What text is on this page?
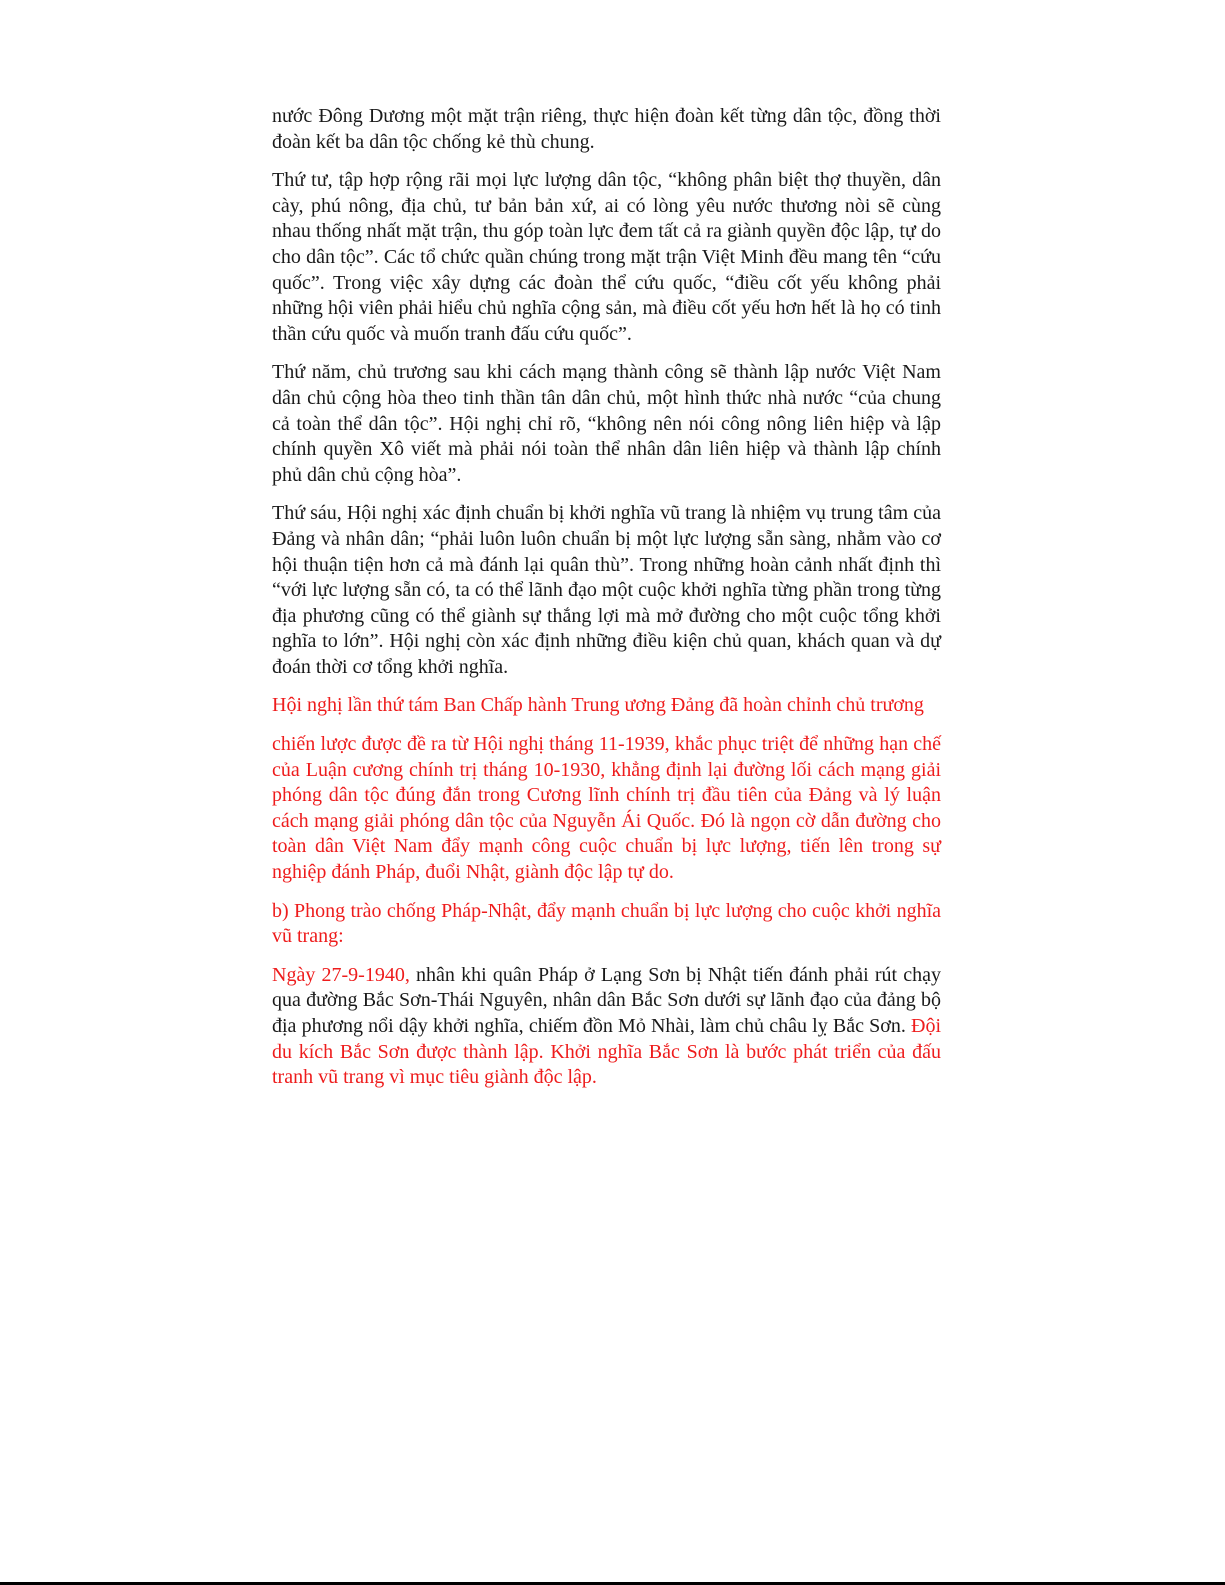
nước Đông Dương một mặt trận riêng, thực hiện đoàn kết từng dân tộc, đồng thời đoàn kết ba dân tộc chống kẻ thù chung.

Thứ tư, tập hợp rộng rãi mọi lực lượng dân tộc, “không phân biệt thợ thuyền, dân cày, phú nông, địa chủ, tư bản bản xứ, ai có lòng yêu nước thương nòi sẽ cùng nhau thống nhất mặt trận, thu góp toàn lực đem tất cả ra giành quyền độc lập, tự do cho dân tộc”. Các tổ chức quần chúng trong mặt trận Việt Minh đều mang tên “cứu quốc”. Trong việc xây dựng các đoàn thể cứu quốc, “điều cốt yếu không phải những hội viên phải hiểu chủ nghĩa cộng sản, mà điều cốt yếu hơn hết là họ có tinh thần cứu quốc và muốn tranh đấu cứu quốc”.

Thứ năm, chủ trương sau khi cách mạng thành công sẽ thành lập nước Việt Nam dân chủ cộng hòa theo tinh thần tân dân chủ, một hình thức nhà nước “của chung cả toàn thể dân tộc”. Hội nghị chỉ rõ, “không nên nói công nông liên hiệp và lập chính quyền Xô viết mà phải nói toàn thể nhân dân liên hiệp và thành lập chính phủ dân chủ cộng hòa”.

Thứ sáu, Hội nghị xác định chuẩn bị khởi nghĩa vũ trang là nhiệm vụ trung tâm của Đảng và nhân dân; “phải luôn luôn chuẩn bị một lực lượng sẵn sàng, nhằm vào cơ hội thuận tiện hơn cả mà đánh lại quân thù”. Trong những hoàn cảnh nhất định thì “với lực lượng sẵn có, ta có thể lãnh đạo một cuộc khởi nghĩa từng phần trong từng địa phương cũng có thể giành sự thắng lợi mà mở đường cho một cuộc tổng khởi nghĩa to lớn”. Hội nghị còn xác định những điều kiện chủ quan, khách quan và dự đoán thời cơ tổng khởi nghĩa.

Hội nghị lần thứ tám Ban Chấp hành Trung ương Đảng đã hoàn chỉnh chủ trương

chiến lược được đề ra từ Hội nghị tháng 11-1939, khắc phục triệt để những hạn chế của Luận cương chính trị tháng 10-1930, khẳng định lại đường lối cách mạng giải phóng dân tộc đúng đắn trong Cương lĩnh chính trị đầu tiên của Đảng và lý luận cách mạng giải phóng dân tộc của Nguyễn Ái Quốc. Đó là ngọn cờ dẫn đường cho toàn dân Việt Nam đẩy mạnh công cuộc chuẩn bị lực lượng, tiến lên trong sự nghiệp đánh Pháp, đuổi Nhật, giành độc lập tự do.

b) Phong trào chống Pháp-Nhật, đẩy mạnh chuẩn bị lực lượng cho cuộc khởi nghĩa vũ trang:

Ngày 27-9-1940, nhân khi quân Pháp ở Lạng Sơn bị Nhật tiến đánh phải rút chạy qua đường Bắc Sơn-Thái Nguyên, nhân dân Bắc Sơn dưới sự lãnh đạo của đảng bộ địa phương nổi dậy khởi nghĩa, chiếm đồn Mỏ Nhài, làm chủ châu lỵ Bắc Sơn. Đội du kích Bắc Sơn được thành lập. Khởi nghĩa Bắc Sơn là bước phát triển của đấu tranh vũ trang vì mục tiêu giành độc lập.
